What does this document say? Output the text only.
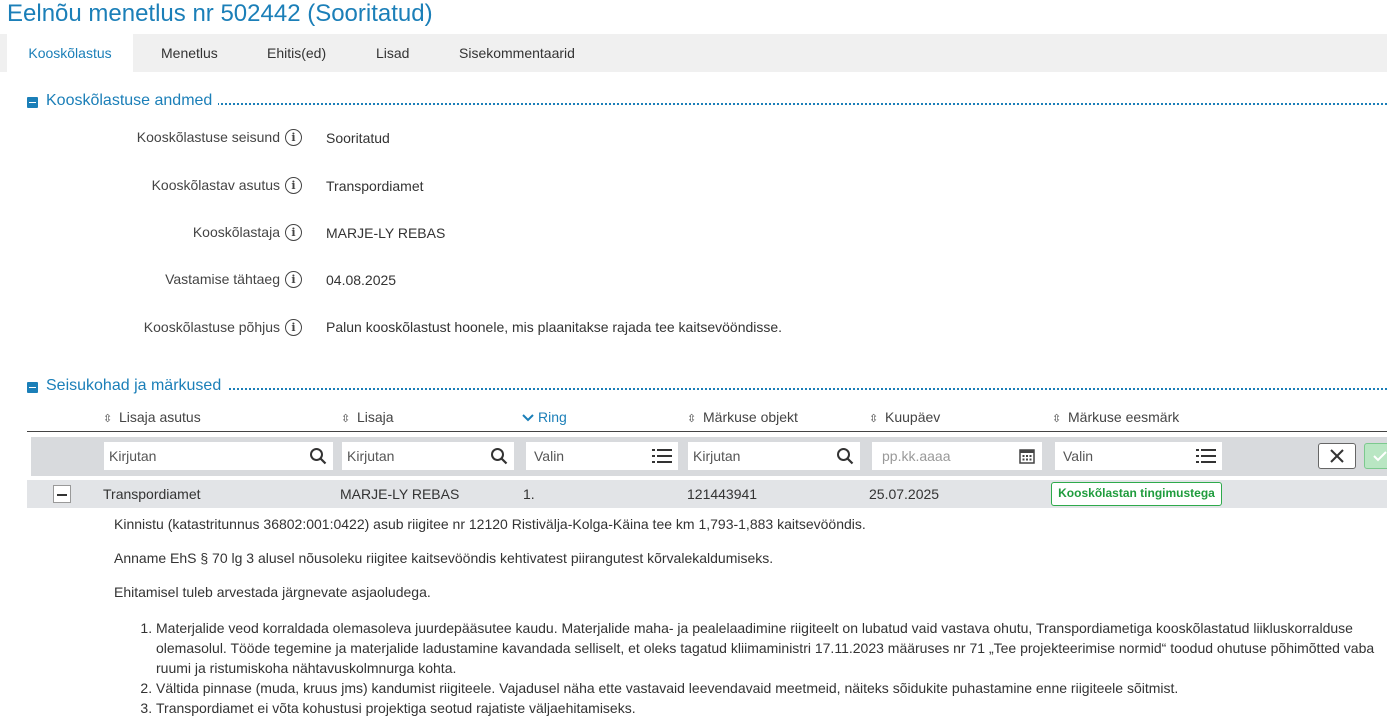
Eelnõu menetlus nr 502442 (Sooritatud)
Kooskõlastus	Menetlus	Ehitis(ed)	Lisad	Sisekommentaarid
Kooskõlastuse andmed
Kooskõlastuse seisund	i	Sooritatud
Kooskõlastav asutus	i	Transpordiamet
Kooskõlastaja	i	MARJE-LY REBAS
Vastamise tähtaeg	i	04.08.2025
Kooskõlastuse põhjus	i	Palun kooskõlastust hoonele, mis plaanitakse rajada tee kaitsevööndisse.
Seisukohad ja märkused
⇳ Lisaja asutus	⇳ Lisaja	Ring	⇳ Märkuse objekt	⇳ Kuupäev	⇳ Märkuse eesmärk
Kirjutan	Kirjutan	Valin	Kirjutan	pp.kk.aaaa	Valin
Transpordiamet	MARJE-LY REBAS	1.	121443941	25.07.2025	Kooskõlastan tingimustega
Kinnistu (katastritunnus 36802:001:0422) asub riigitee nr 12120 Ristivälja-Kolga-Käina tee km 1,793-1,883 kaitsevööndis.
Anname EhS § 70 lg 3 alusel nõusoleku riigitee kaitsevööndis kehtivatest piirangutest kõrvalekaldumiseks.
Ehitamisel tuleb arvestada järgnevate asjaoludega.
1. Materjalide veod korraldada olemasoleva juurdepääsutee kaudu. Materjalide maha- ja pealelaadimine riigiteelt on lubatud vaid vastava ohutu, Transpordiametiga kooskõlastatud liikluskorralduse olemasolul. Tööde tegemine ja materjalide ladustamine kavandada selliselt, et oleks tagatud kliimaministri 17.11.2023 määruses nr 71 „Tee projekteerimise normid“ toodud ohutuse põhimõtted vaba ruumi ja ristumiskoha nähtavuskolmnurga kohta.
2. Vältida pinnase (muda, kruus jms) kandumist riigiteele. Vajadusel näha ette vastavaid leevendavaid meetmeid, näiteks sõidukite puhastamine enne riigiteele sõitmist.
3. Transpordiamet ei võta kohustusi projektiga seotud rajatiste väljaehitamiseks.
